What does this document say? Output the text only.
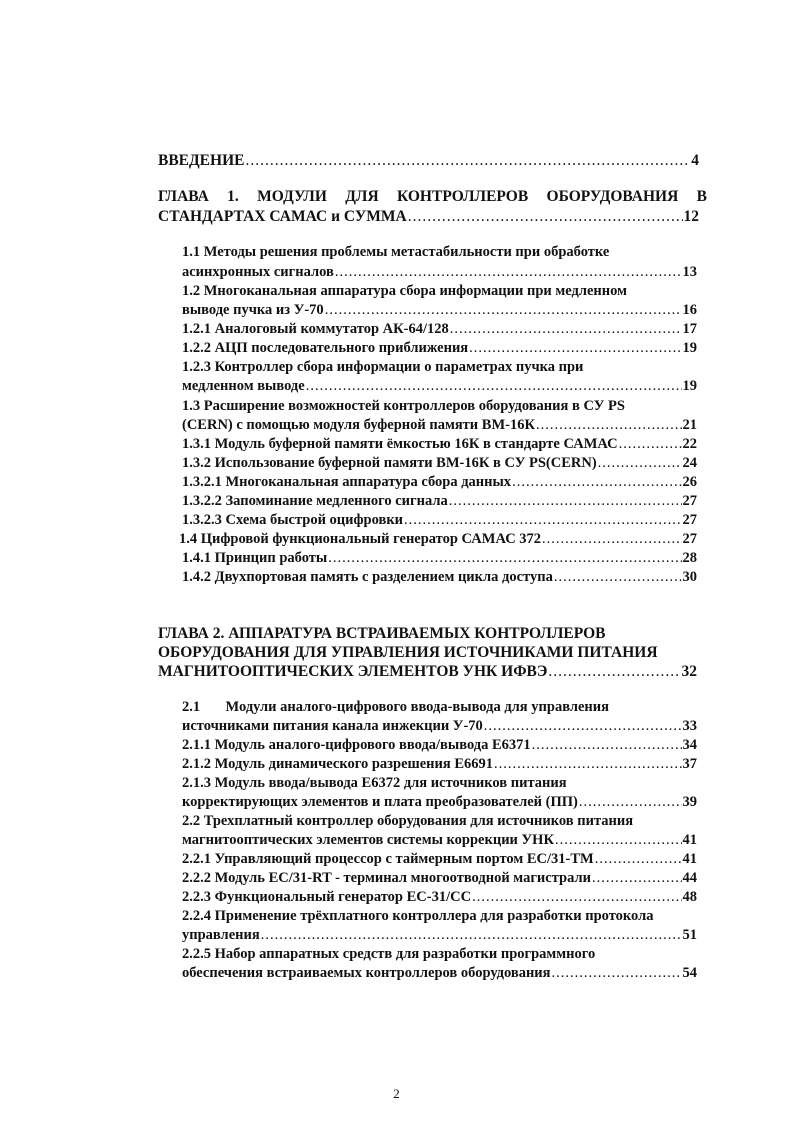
ВВЕДЕНИЕ .....	4
ГЛАВА 1. МОДУЛИ ДЛЯ КОНТРОЛЛЕРОВ ОБОРУДОВАНИЯ В
СТАНДАРТАХ САМАС и СУММА .....	12
1.1 Методы решения проблемы метастабильности при обработке
асинхронных сигналов .....	13
1.2 Многоканальная аппаратура сбора информации при медленном
выводе пучка из У-70 .....	16
1.2.1 Аналоговый коммутатор АК-64/128 .....	17
1.2.2 АЦП последовательного приближения .....	19
1.2.3 Контроллер сбора информации о параметрах пучка при
медленном выводе .....	19
1.3 Расширение возможностей контроллеров оборудования в СУ PS
(CERN) с помощью модуля буферной памяти ВМ-16К .....	21
1.3.1 Модуль буферной памяти ёмкостью 16К в стандарте САМАС .....	22
1.3.2 Использование буферной памяти ВМ-16К в СУ PS(CERN) .....	24
1.3.2.1 Многоканальная аппаратура сбора данных .....	26
1.3.2.2 Запоминание медленного сигнала .....	27
1.3.2.3 Схема быстрой оцифровки .....	27
1.4 Цифровой функциональный генератор САМАС 372 .....	27
1.4.1 Принцип работы .....	28
1.4.2 Двухпортовая память с разделением цикла доступа .....	30
ГЛАВА 2. АППАРАТУРА ВСТРАИВАЕМЫХ КОНТРОЛЛЕРОВ
ОБОРУДОВАНИЯ ДЛЯ УПРАВЛЕНИЯ ИСТОЧНИКАМИ ПИТАНИЯ
МАГНИТООПТИЧЕСКИХ ЭЛЕМЕНТОВ УНК ИФВЭ .....	32
2.1       Модули аналого-цифрового ввода-вывода для управления
источниками питания канала инжекции У-70 .....	33
2.1.1 Модуль аналого-цифрового ввода/вывода Е6371 .....	34
2.1.2 Модуль динамического разрешения Е6691 .....	37
2.1.3 Модуль ввода/вывода Е6372 для источников питания
корректирующих элементов и плата преобразователей (ПП) .....	39
2.2 Трехплатный контроллер оборудования для источников питания
магнитооптических элементов системы коррекции УНК .....	41
2.2.1 Управляющий процессор с таймерным портом EC/31-TM .....	41
2.2.2 Модуль EC/31-RT - терминал многоотводной магистрали .....	44
2.2.3 Функциональный генератор EC-31/CC .....	48
2.2.4 Применение трёхплатного контроллера для разработки протокола
управления .....	51
2.2.5 Набор аппаратных средств для разработки программного
обеспечения встраиваемых контроллеров оборудования .....	54
2
